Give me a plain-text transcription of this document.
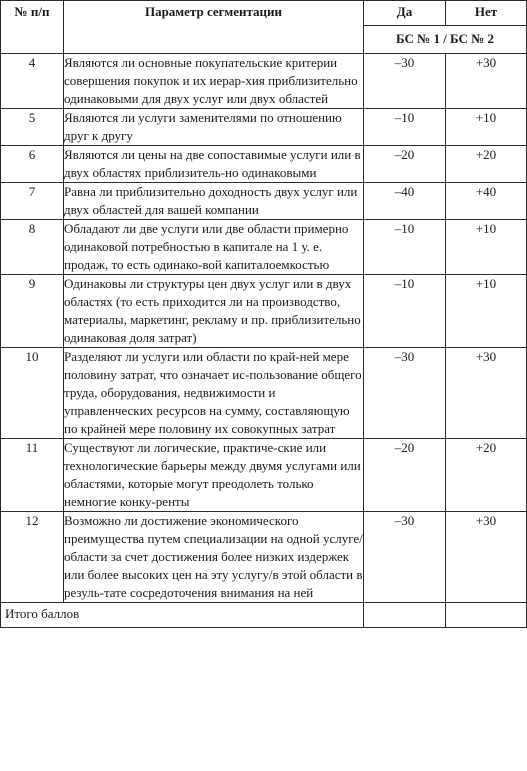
№ п/п	Параметр сегментации	Да	Нет
		БС № 1 / БС № 2	
4	Являются ли основные покупательские критерии совершения покупок и их иерар-хия приблизительно одинаковыми для двух услуг или двух областей	–30	+30
5	Являются ли услуги заменителями по отношению друг к другу	–10	+10
6	Являются ли цены на две сопоставимые услуги или в двух областях приблизитель-но одинаковыми	–20	+20
7	Равна ли приблизительно доходность двух услуг или двух областей для вашей компании	–40	+40
8	Обладают ли две услуги или две области примерно одинаковой потребностью в капитале на 1 у. е. продаж, то есть одинако-вой капиталоемкостью	–10	+10
9	Одинаковы ли структуры цен двух услуг или в двух областях (то есть приходится ли на производство, материалы, маркетинг, рекламу и пр. приблизительно одинаковая доля затрат)	–10	+10
10	Разделяют ли услуги или области по край-ней мере половину затрат, что означает ис-пользование общего труда, оборудования, недвижимости и управленческих ресурсов на сумму, составляющую по крайней мере половину их совокупных затрат	–30	+30
11	Существуют ли логические, практиче-ские или технологические барьеры между двумя услугами или областями, которые могут преодолеть только немногие конку-ренты	–20	+20
12	Возможно ли достижение экономического преимущества путем специализации на одной услуге/области за счет достижения более низких издержек или более высоких цен на эту услугу/в этой области в резуль-тате сосредоточения внимания на ней	–30	+30
Итого баллов			
